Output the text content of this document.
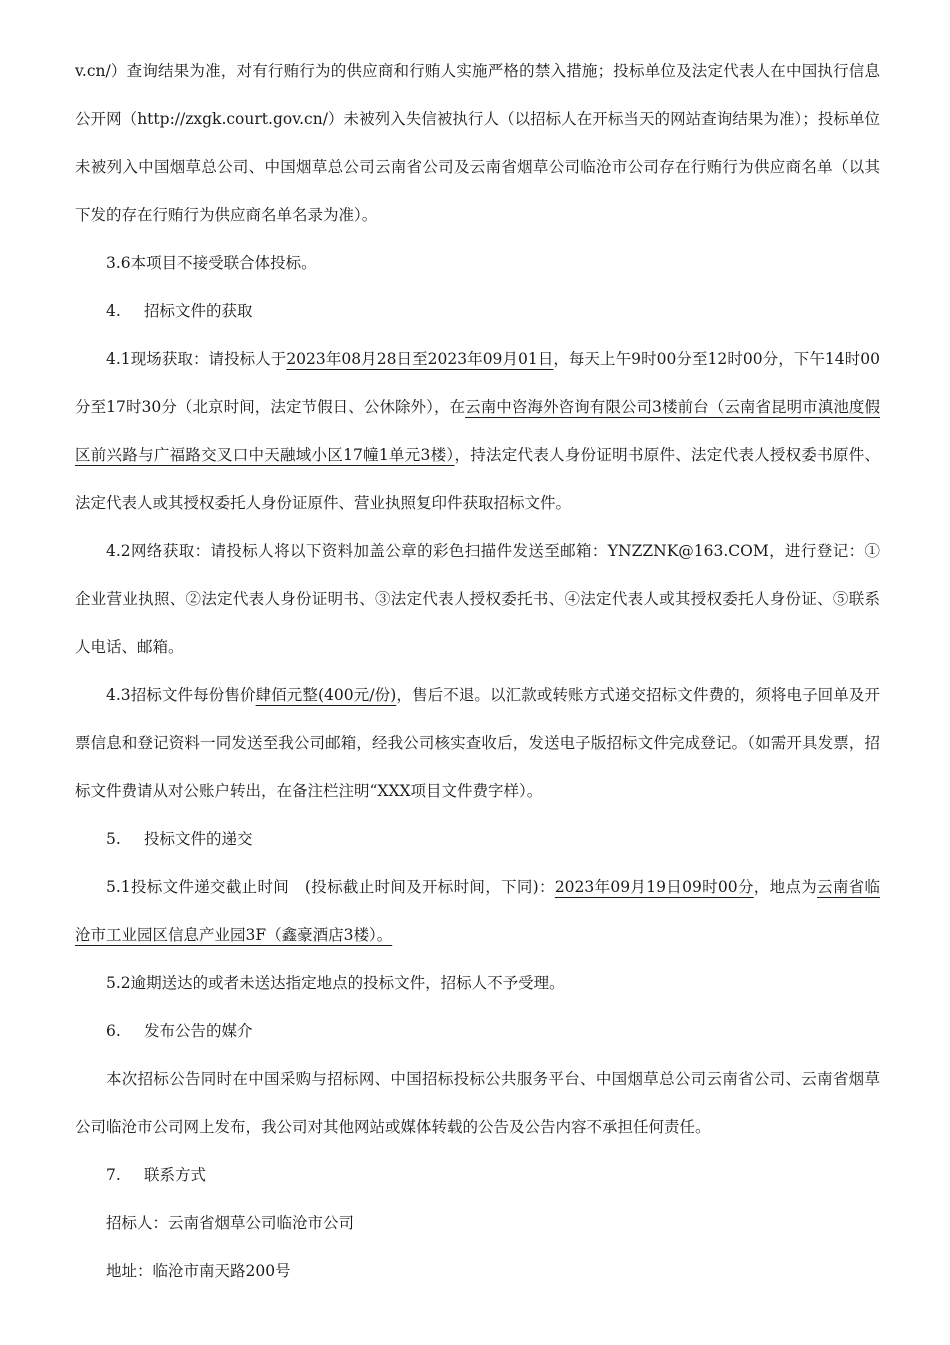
v.cn/）查询结果为准，对有行贿行为的供应商和行贿人实施严格的禁入措施；投标单位及法定代表人在中国执行信息公开网（http://zxgk.court.gov.cn/）未被列入失信被执行人（以招标人在开标当天的网站查询结果为准）；投标单位未被列入中国烟草总公司、中国烟草总公司云南省公司及云南省烟草公司临沧市公司存在行贿行为供应商名单（以其下发的存在行贿行为供应商名单名录为准）。

3.6本项目不接受联合体投标。

4. 招标文件的获取

4.1现场获取：请投标人于2023年08月28日至2023年09月01日，每天上午9时00分至12时00分，下午14时00分至17时30分（北京时间，法定节假日、公休除外），在云南中咨海外咨询有限公司3楼前台（云南省昆明市滇池度假区前兴路与广福路交叉口中天融域小区17幢1单元3楼），持法定代表人身份证明书原件、法定代表人授权委书原件、法定代表人或其授权委托人身份证原件、营业执照复印件获取招标文件。

4.2网络获取：请投标人将以下资料加盖公章的彩色扫描件发送至邮箱：YNZZNK@163.COM，进行登记：①企业营业执照、②法定代表人身份证明书、③法定代表人授权委托书、④法定代表人或其授权委托人身份证、⑤联系人电话、邮箱。

4.3招标文件每份售价肆佰元整(400元/份)，售后不退。以汇款或转账方式递交招标文件费的，须将电子回单及开票信息和登记资料一同发送至我公司邮箱，经我公司核实查收后，发送电子版招标文件完成登记。（如需开具发票，招标文件费请从对公账户转出，在备注栏注明“XXX项目文件费字样）。

5. 投标文件的递交

5.1投标文件递交截止时间　(投标截止时间及开标时间，下同)：2023年09月19日09时00分，地点为云南省临沧市工业园区信息产业园3F（鑫豪酒店3楼）。

5.2逾期送达的或者未送达指定地点的投标文件，招标人不予受理。

6. 发布公告的媒介

本次招标公告同时在中国采购与招标网、中国招标投标公共服务平台、中国烟草总公司云南省公司、云南省烟草公司临沧市公司网上发布，我公司对其他网站或媒体转载的公告及公告内容不承担任何责任。

7. 联系方式

招标人：云南省烟草公司临沧市公司

地址：临沧市南天路200号
